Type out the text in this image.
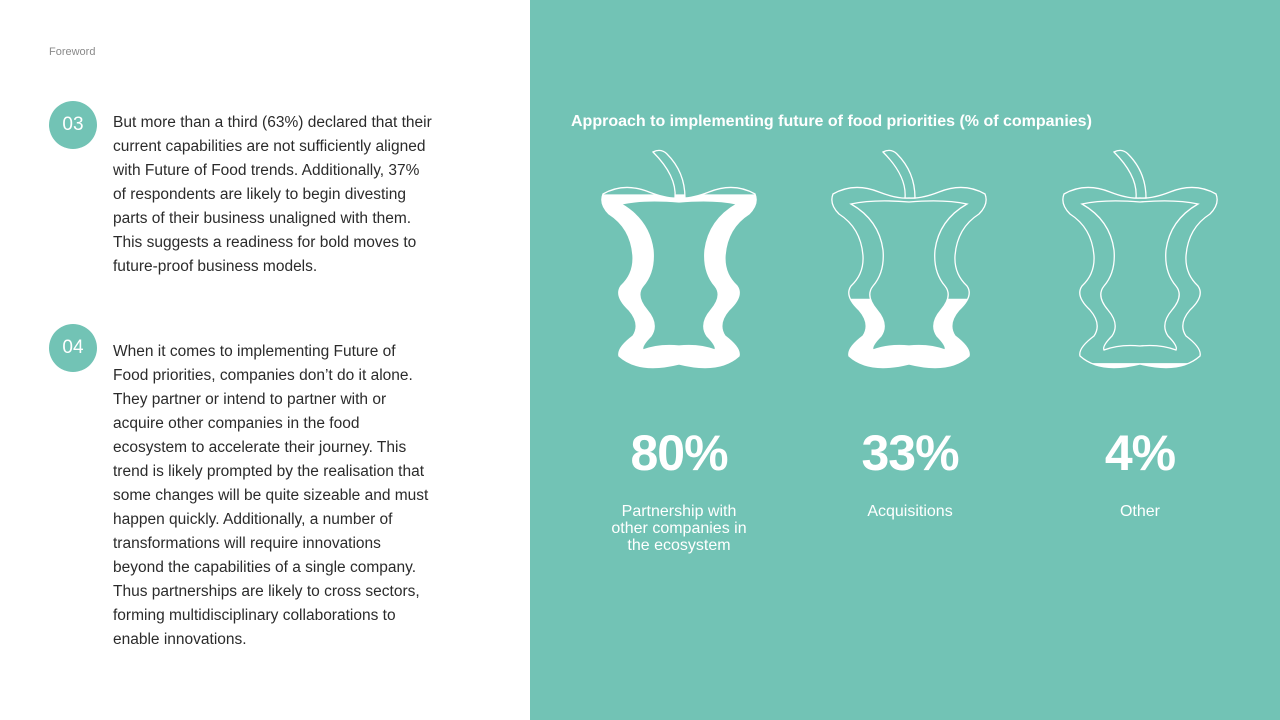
Foreword
03	But more than a third (63%) declared that their current capabilities are not sufficiently aligned with Future of Food trends. Additionally, 37% of respondents are likely to begin divesting parts of their business unaligned with them. This suggests a readiness for bold moves to future-proof business models.
04	When it comes to implementing Future of Food priorities, companies don’t do it alone. They partner or intend to partner with or acquire other companies in the food ecosystem to accelerate their journey. This trend is likely prompted by the realisation that some changes will be quite sizeable and must happen quickly. Additionally, a number of transformations will require innovations beyond the capabilities of a single company. Thus partnerships are likely to cross sectors, forming multidisciplinary collaborations to enable innovations.
Approach to implementing future of food priorities (% of companies)
80%	33%	4%
Partnership with other companies in the ecosystem
Acquisitions	Other
